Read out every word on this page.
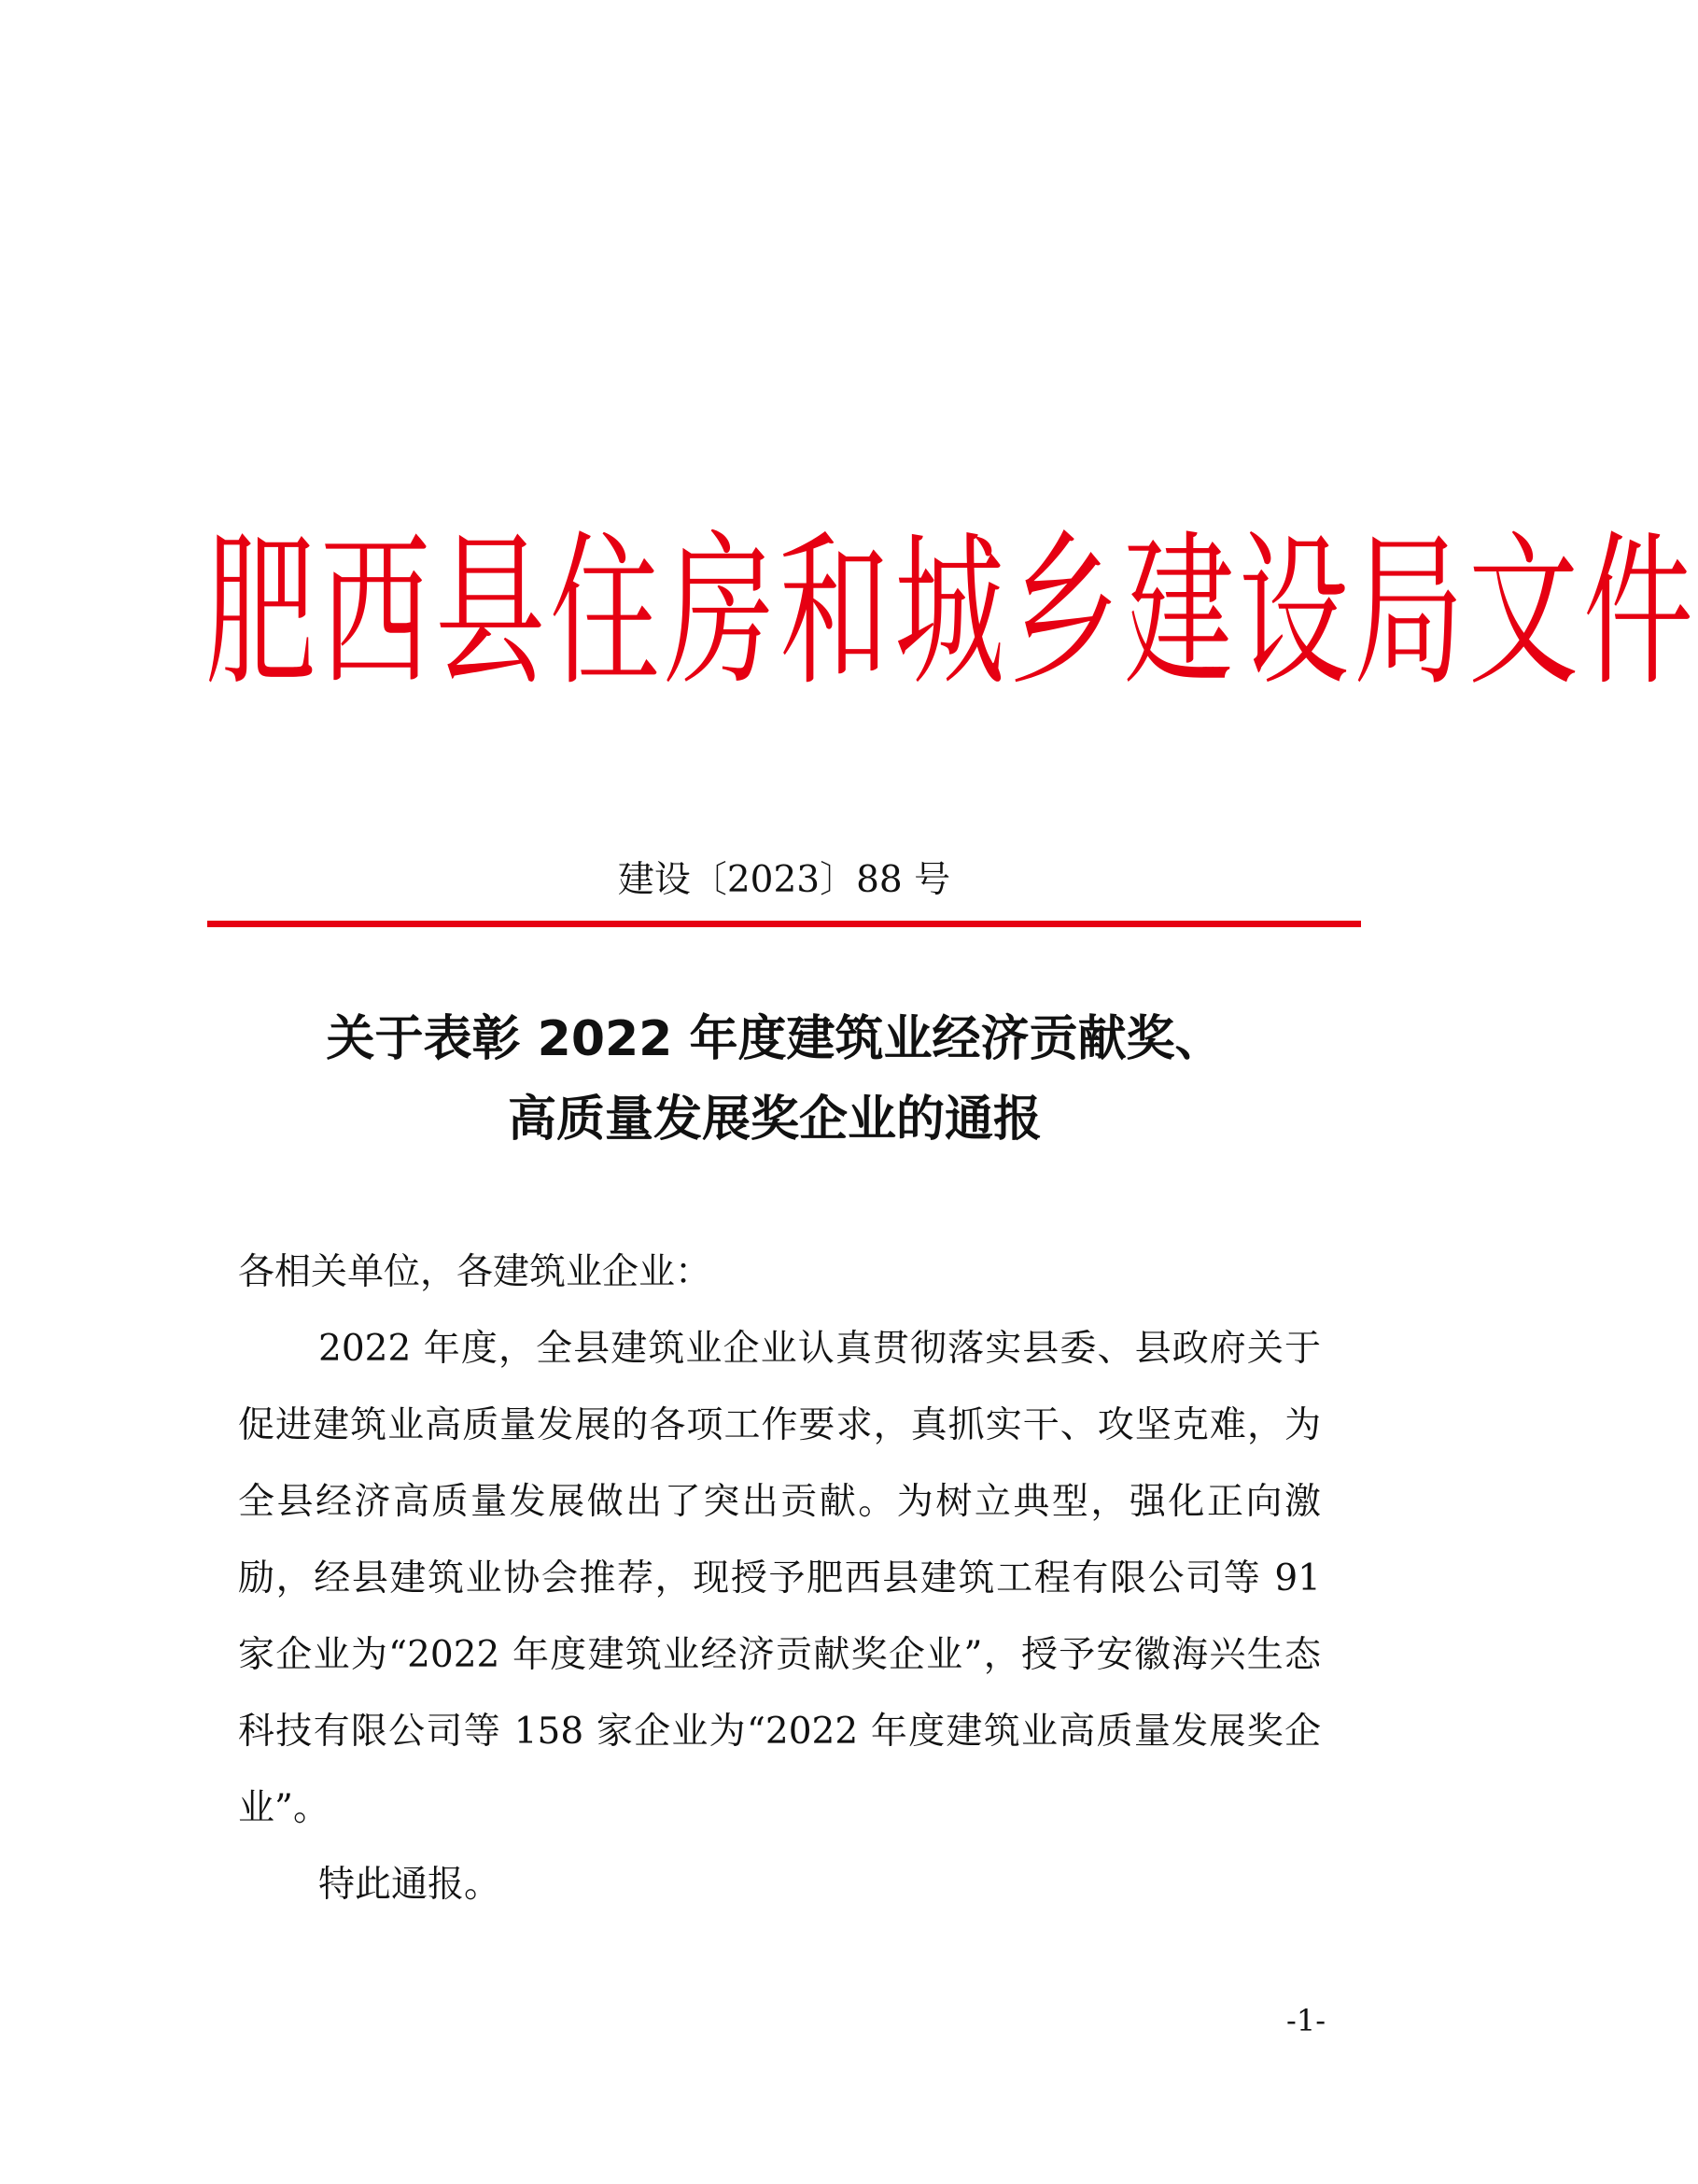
肥西县住房和城乡建设局文件
建设〔2023〕88 号
关于表彰 2022 年度建筑业经济贡献奖、
高质量发展奖企业的通报

各相关单位，各建筑业企业：

2022 年度，全县建筑业企业认真贯彻落实县委、县政府关于促进建筑业高质量发展的各项工作要求，真抓实干、攻坚克难，为全县经济高质量发展做出了突出贡献。为树立典型，强化正向激励，经县建筑业协会推荐，现授予肥西县建筑工程有限公司等 91 家企业为“2022 年度建筑业经济贡献奖企业”，授予安徽海兴生态科技有限公司等 158 家企业为“2022 年度建筑业高质量发展奖企业”。

特此通报。

-1-
